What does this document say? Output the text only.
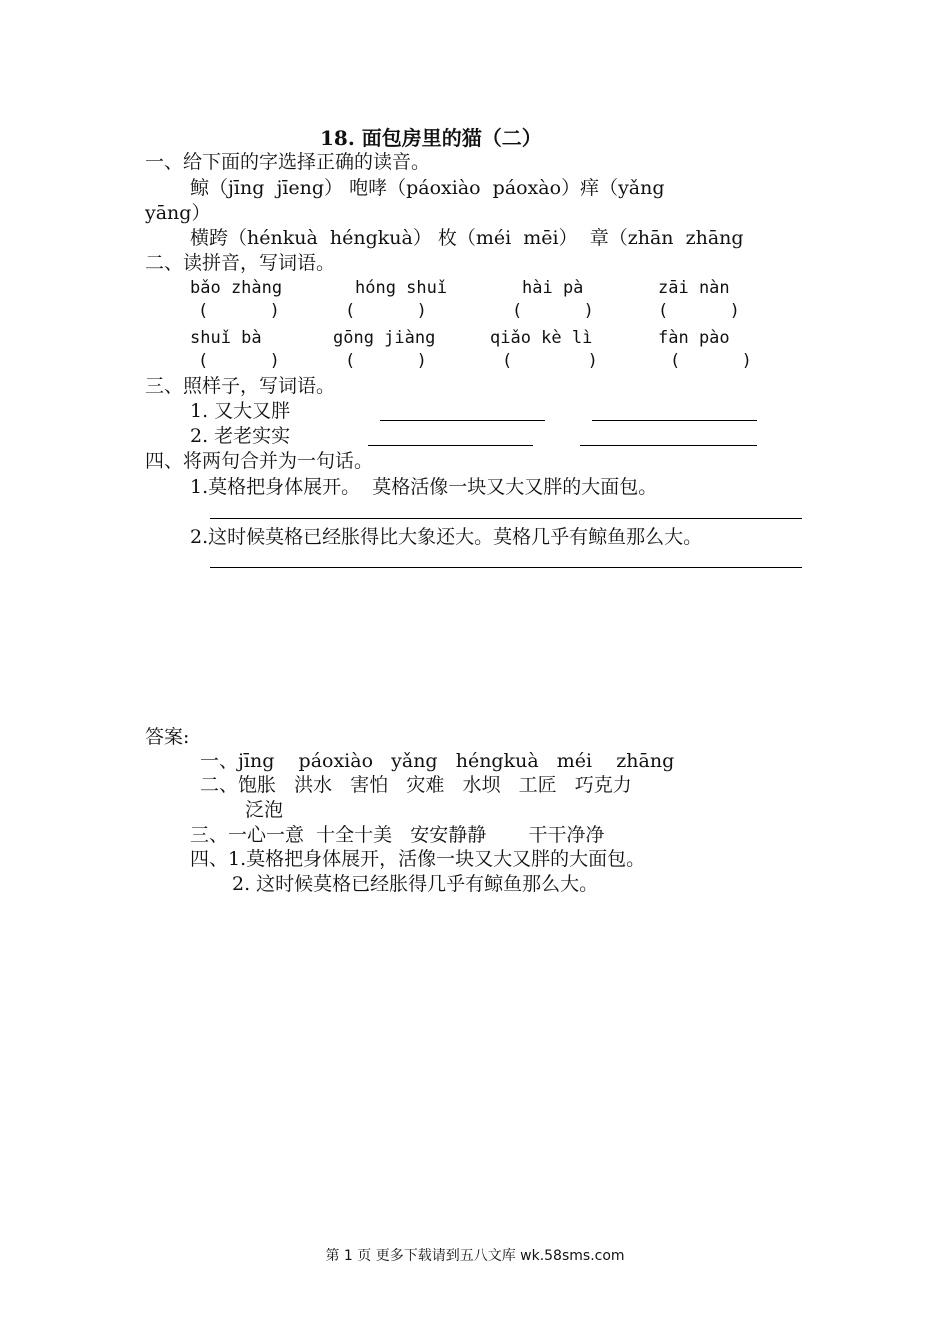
18. 面包房里的猫（二）
一、给下面的字选择正确的读音。
鲸（jīng  jīeng） 咆哮（páoxiào  páoxào）痒（yǎng
yāng）
横跨（hénkuà  héngkuà） 枚（méi  mēi）  章（zhān  zhāng
二、读拼音，写词语。
bǎo zhàng	hóng shuǐ	hài pà	zāi nàn
(      )	(      )	(      )	(      )
shuǐ bà	gōng jiàng	qiǎo kè lì	fàn pào
(      )	(      )	(      )	(      )
三、照样子，写词语。
1. 又大又胖
2. 老老实实
四、将两句合并为一句话。
1.莫格把身体展开。  莫格活像一块又大又胖的大面包。
2.这时候莫格已经胀得比大象还大。莫格几乎有鲸鱼那么大。
答案:
一、jīng    páoxiào   yǎng   héngkuà   méi    zhāng
二、饱胀   洪水   害怕   灾难   水坝   工匠   巧克力
泛泡
三、一心一意  十全十美   安安静静       干干净净
四、1.莫格把身体展开，活像一块又大又胖的大面包。
2. 这时候莫格已经胀得几乎有鲸鱼那么大。
第 1 页 更多下载请到五八文库 wk.58sms.com
